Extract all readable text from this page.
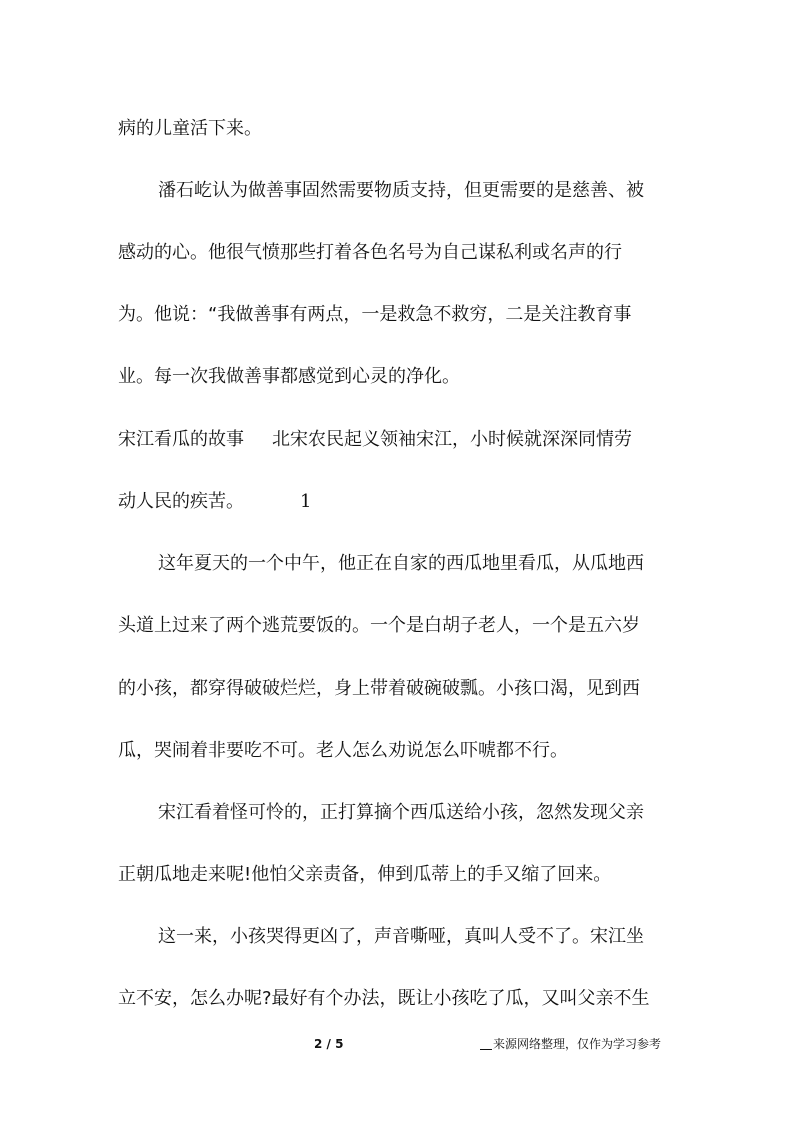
病的儿童活下来。
潘石屹认为做善事固然需要物质支持，但更需要的是慈善、被
感动的心。他很气愤那些打着各色名号为自己谋私利或名声的行
为。他说：“我做善事有两点，一是救急不救穷，二是关注教育事
业。每一次我做善事都感觉到心灵的净化。
宋江看瓜的故事 北宋农民起义领袖宋江，小时候就深深同情劳
动人民的疾苦。	1
这年夏天的一个中午，他正在自家的西瓜地里看瓜，从瓜地西
头道上过来了两个逃荒要饭的。一个是白胡子老人，一个是五六岁
的小孩，都穿得破破烂烂，身上带着破碗破瓢。小孩口渴，见到西
瓜，哭闹着非要吃不可。老人怎么劝说怎么吓唬都不行。
宋江看着怪可怜的，正打算摘个西瓜送给小孩，忽然发现父亲
正朝瓜地走来呢!他怕父亲责备，伸到瓜蒂上的手又缩了回来。
这一来，小孩哭得更凶了，声音嘶哑，真叫人受不了。宋江坐
立不安，怎么办呢?最好有个办法，既让小孩吃了瓜，又叫父亲不生
2 / 5	来源网络整理，仅作为学习参考
